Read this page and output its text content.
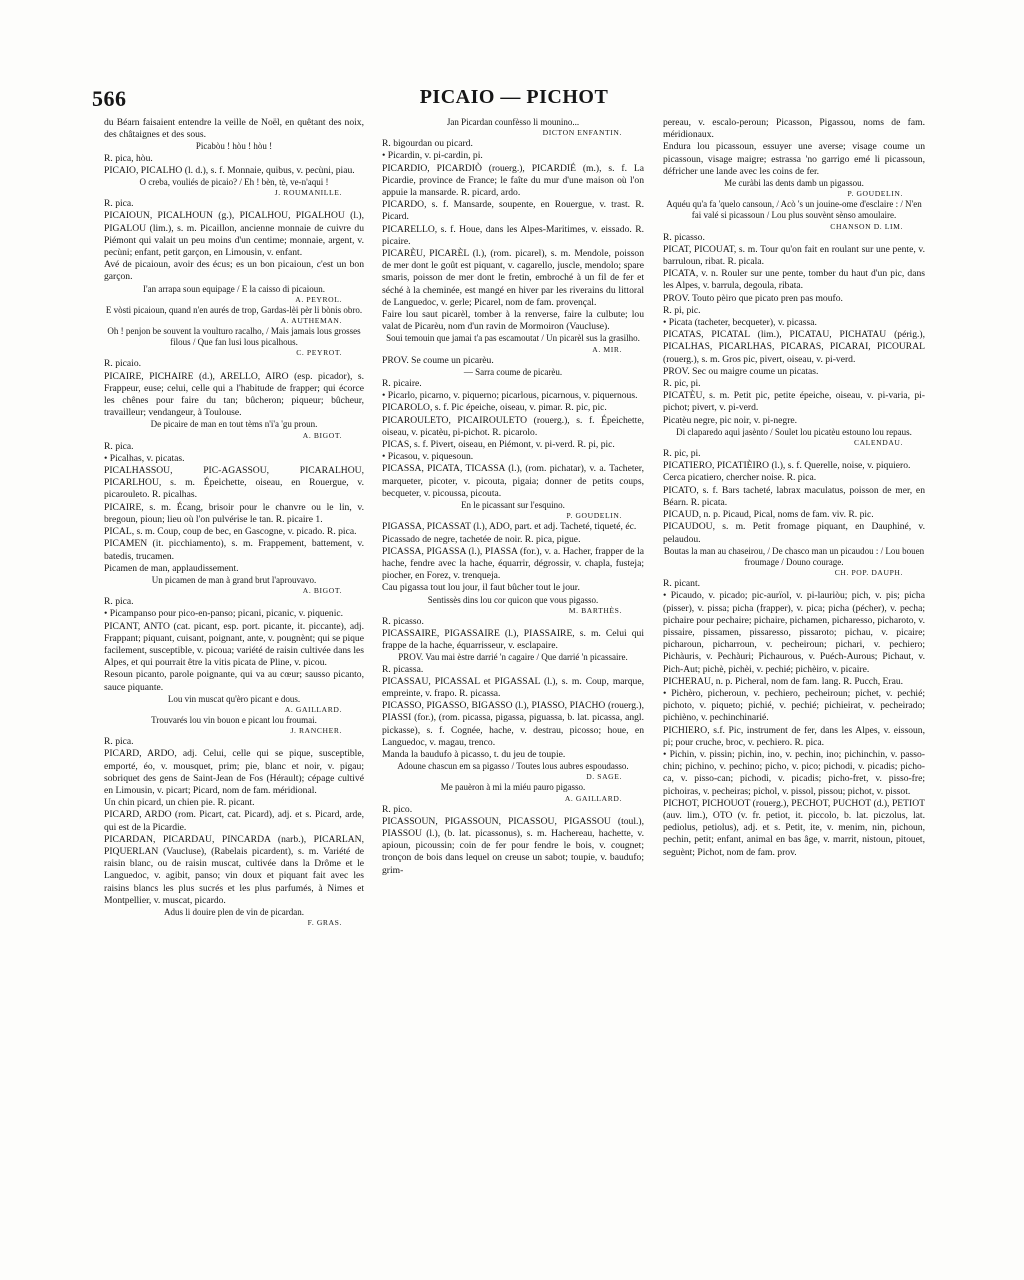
566	PICAIO — PICHOT

du Béarn faisaient entendre la veille de Noël, en quêtant des noix, des châtaignes et des sous.

Picabòu ! hòu ! hòu !

R. pica, hòu.

PICAIO, PICALHO (l. d.), s. f. Monnaie, quibus, v. pecùni, piau.

O creba, vouliés de picaio? / Eh ! bèn, tè, ve-n'aqui !

J. ROUMANILLE.

R. pica.

PICAIOUN, PICALHOUN (g.), PICALHOU, PIGALHOU (l.), PIGALOU (lim.), s. m. Picaillon, ancienne monnaie de cuivre du Piémont qui valait un peu moins d'un centime; monnaie, argent, v. pecùni; enfant, petit garçon, en Limousin, v. enfant.

Avé de picaioun, avoir des écus; es un bon picaioun, c'est un bon garçon.

I'an arrapa soun equipage / E la caisso di picaioun.

A. PEYROL.

E vòsti picaioun, quand n'en aurés de trop, Gardas-lèi pèr li bònis obro.

A. AUTHEMAN.

Oh ! penjon be souvent la voulturo racalho, / Mais jamais lous grosses filous / Que fan lusi lous picalhous.

C. PEYROT.

R. picaio.

PICAIRE, PICHAIRE (d.), ARELLO, AIRO (esp. picador), s. Frappeur, euse; celui, celle qui a l'habitude de frapper; qui écorce les chênes pour faire du tan; bûcheron; piqueur; bûcheur, travailleur; vendangeur, à Toulouse.

De picaire de man en tout tèms n'i'a 'gu proun.

A. BIGOT.

R. pica.

• Picalhas, v. picatas.

PICALHASSOU, PIC-AGASSOU, PICARALHOU, PICARLHOU, s. m. Épeichette, oiseau, en Rouergue, v. picarouleto. R. picalhas.

PICAIRE, s. m. Écang, brisoir pour le chanvre ou le lin, v. bregoun, pioun; lieu où l'on pulvérise le tan. R. picaire 1.

PICAL, s. m. Coup, coup de bec, en Gascogne, v. picado. R. pica.

PICAMEN (it. picchiamento), s. m. Frappement, battement, v. batedis, trucamen.

Picamen de man, applaudissement.

Un picamen de man à grand brut l'aprouvavo.

A. BIGOT.

R. pica.

• Picampanso pour pico-en-panso; picani, picanic, v. piquenic.

PICANT, ANTO (cat. picant, esp. port. picante, it. piccante), adj. Frappant; piquant, cuisant, poignant, ante, v. pougnènt; qui se pique facilement, susceptible, v. picoua; variété de raisin cultivée dans les Alpes, et qui pourrait être la vitis picata de Pline, v. picou.

Resoun picanto, parole poignante, qui va au cœur; sausso picanto, sauce piquante.

Lou vin muscat qu'èro picant e dous.

A. GAILLARD.

Trouvarés lou vin bouon e picant lou froumai.

J. RANCHER.

R. pica.

PICARD, ARDO, adj. Celui, celle qui se pique, susceptible, emporté, éo, v. mousquet, prim; pie, blanc et noir, v. pigau; sobriquet des gens de Saint-Jean de Fos (Hérault); cépage cultivé en Limousin, v. picart; Picard, nom de fam. méridional.

Un chin picard, un chien pie. R. picant.

PICARD, ARDO (rom. Picart, cat. Picard), adj. et s. Picard, arde, qui est de la Picardie.

PICARDAN, PICARDAU, PINCARDA (narb.), PICARLAN, PIQUERLAN (Vaucluse), (Rabelais picardent), s. m. Variété de raisin blanc, ou de raisin muscat, cultivée dans la Drôme et le Languedoc, v. agibit, panso; vin doux et piquant fait avec les raisins blancs les plus sucrés et les plus parfumés, à Nimes et Montpellier, v. muscat, picardo.

Adus li douire plen de vin de picardan.

F. GRAS.

Jan Picardan counfèsso li mounino...

DICTON ENFANTIN.

R. bigourdan ou picard.

• Picardin, v. pi-cardin, pi.

PICARDIO, PICARDIÒ (rouerg.), PICARDIÉ (m.), s. f. La Picardie, province de France; le faîte du mur d'une maison où l'on appuie la mansarde. R. picard, ardo.

PICARDO, s. f. Mansarde, soupente, en Rouergue, v. trast. R. Picard.

PICARELLO, s. f. Houe, dans les Alpes-Maritimes, v. eissado. R. picaire.

PICARÈU, PICARÈL (l.), (rom. picarel), s. m. Mendole, poisson de mer dont le goût est piquant, v. cagarello, juscle, mendolo; spare smaris, poisson de mer dont le fretin, embroché à un fil de fer et séché à la cheminée, est mangé en hiver par les riverains du littoral de Languedoc, v. gerle; Picarel, nom de fam. provençal.

Faire lou saut picarèl, tomber à la renverse, faire la culbute; lou valat de Picarèu, nom d'un ravin de Mormoiron (Vaucluse).

Soui temouin que jamai t'a pas escamoutat / Un picarèl sus la grasilho.

A. MIR.

PROV. Se coume un picarèu.

— Sarra coume de picarèu.

R. picaire.

• Picarlo, picarno, v. piquerno; picarlous, picarnous, v. piquernous.

PICAROLO, s. f. Pic épeiche, oiseau, v. pimar. R. pic, pic.

PICAROULETO, PICAIROULETO (rouerg.), s. f. Épeichette, oiseau, v. picatèu, pi-pichot. R. picarolo.

PICAS, s. f. Pivert, oiseau, en Piémont, v. pi-verd. R. pi, pic.

• Picasou, v. piquesoun.

PICASSA, PICATA, TICASSA (l.), (rom. pichatar), v. a. Tacheter, marqueter, picoter, v. picouta, pigaia; donner de petits coups, becqueter, v. picoussa, picouta.

En le picassant sur l'esquino.

P. GOUDELIN.

PIGASSA, PICASSAT (l.), ADO, part. et adj. Tacheté, tiqueté, éc.

Picassado de negre, tachetée de noir. R. pica, pigue.

PICASSA, PIGASSA (l.), PIASSA (for.), v. a. Hacher, frapper de la hache, fendre avec la hache, équarrir, dégrossir, v. chapla, fusteja; piocher, en Forez, v. trenqueja.

Cau pigassa tout lou jour, il faut bûcher tout le jour.

Sentissès dins lou cor quicon que vous pigasso.

M. BARTHÈS.

R. picasso.

PICASSAIRE, PIGASSAIRE (l.), PIASSAIRE, s. m. Celui qui frappe de la hache, équarrisseur, v. esclapaire.

PROV. Vau mai èstre darrié 'n cagaire / Que darrié 'n picassaire.

R. picassa.

PICASSAU, PICASSAL et PIGASSAL (l.), s. m. Coup, marque, empreinte, v. frapo. R. picassa.

PICASSO, PIGASSO, BIGASSO (l.), PIASSO, PIACHO (rouerg.), PIASSI (for.), (rom. picassa, pigassa, piguassa, b. lat. picassa, angl. pickasse), s. f. Cognée, hache, v. destrau, picosso; houe, en Languedoc, v. magau, trenco.

Manda la baudufo à picasso, t. du jeu de toupie.

Adoune chascun em sa pigasso / Toutes lous aubres espoudasso.

D. SAGE.

Me pauèron à mi la miéu pauro pigasso.

A. GAILLARD.

R. pico.

PICASSOUN, PIGASSOUN, PICASSOU, PIGASSOU (toul.), PIASSOU (l.), (b. lat. picassonus), s. m. Hachereau, hachette, v. apioun, picoussin; coin de fer pour fendre le bois, v. cougnet; tronçon de bois dans lequel on creuse un sabot; toupie, v. baudufo; grim-

pereau, v. escalo-peroun; Picasson, Pigassou, noms de fam. méridionaux.

Endura lou picassoun, essuyer une averse; visage coume un picassoun, visage maigre; estrassa 'no garrigo emé li picassoun, défricher une lande avec les coins de fer.

Me curàbi las dents damb un pigassou.

P. GOUDELIN.

Aquéu qu'a fa 'quelo cansoun, / Acò 's un jouine-ome d'esclaire : / N'en fai valé si picassoun / Lou plus souvènt sènso amoulaire.

CHANSON D. LIM.

R. picasso.

PICAT, PICOUAT, s. m. Tour qu'on fait en roulant sur une pente, v. barruloun, ribat. R. picala.

PICATA, v. n. Rouler sur une pente, tomber du haut d'un pic, dans les Alpes, v. barrula, degoula, ribata.

PROV. Touto pèiro que picato pren pas moufo.

R. pi, pic.

• Picata (tacheter, becqueter), v. picassa.

PICATAS, PICATAL (lim.), PICATAU, PICHATAU (périg.), PICALHAS, PICARLHAS, PICARAS, PICARAI, PICOURAL (rouerg.), s. m. Gros pic, pivert, oiseau, v. pi-verd.

PROV. Sec ou maigre coume un picatas.

R. pic, pi.

PICATÈU, s. m. Petit pic, petite épeiche, oiseau, v. pi-varia, pi-pichot; pivert, v. pi-verd.

Picatèu negre, pic noir, v. pi-negre.

Di claparedo aqui jasènto / Soulet lou picatèu estouno lou repaus.

CALENDAU.

R. pic, pi.

PICATIERO, PICATIÈIRO (l.), s. f. Querelle, noise, v. piquiero.

Cerca picatiero, chercher noise. R. pica.

PICATO, s. f. Bars tacheté, labrax maculatus, poisson de mer, en Béarn. R. picata.

PICAUD, n. p. Picaud, Pical, noms de fam. viv. R. pic.

PICAUDOU, s. m. Petit fromage piquant, en Dauphiné, v. pelaudou.

Boutas la man au chaseirou, / De chasco man un picaudou : / Lou bouen froumage / Douno courage.

CH. POP. DAUPH.

R. picant.

• Picaudo, v. picado; pic-aurïol, v. pi-lauriòu; pich, v. pis; picha (pisser), v. pissa; picha (frapper), v. pica; picha (pécher), v. pecha; pichaire pour pechaire; pichaire, pichamen, picharesso, picharoto, v. pissaire, pissamen, pissaresso, pissaroto; pichau, v. picaire; picharoun, picharroun, v. pecheiroun; pichari, v. pechiero; Pichàuris, v. Pechàuri; Pichaurous, v. Puéch-Aurous; Pichaut, v. Pich-Aut; pichè, pichèi, v. pechié; pichèiro, v. picaire.

PICHERAU, n. p. Picheral, nom de fam. lang. R. Pucch, Erau.

• Pichèro, picheroun, v. pechiero, pecheiroun; pichet, v. pechié; pichoto, v. piqueto; pichié, v. pechié; pichieirat, v. pecheirado; pichièno, v. pechinchinarié.

PICHIERO, s.f. Pic, instrument de fer, dans les Alpes, v. eissoun, pi; pour cruche, broc, v. pechiero. R. pica.

• Pichin, v. pissin; pichin, ino, v. pechin, ino; pichinchin, v. passo-chin; pichino, v. pechino; picho, v. pico; pichodi, v. picadis; picho-ca, v. pisso-can; pichodi, v. picadis; picho-fret, v. pisso-fre; pichoiras, v. pecheiras; pichol, v. pissol, pissou; pichot, v. pissot.

PICHOT, PICHOUOT (rouerg.), PECHOT, PUCHOT (d.), PETIOT (auv. lim.), OTO (v. fr. petiot, it. piccolo, b. lat. piczolus, lat. pediolus, petiolus), adj. et s. Petit, ite, v. menim, nin, pichoun, pechin, petit; enfant, animal en bas âge, v. marrit, nistoun, pitouet, seguènt; Pichot, nom de fam. prov.
